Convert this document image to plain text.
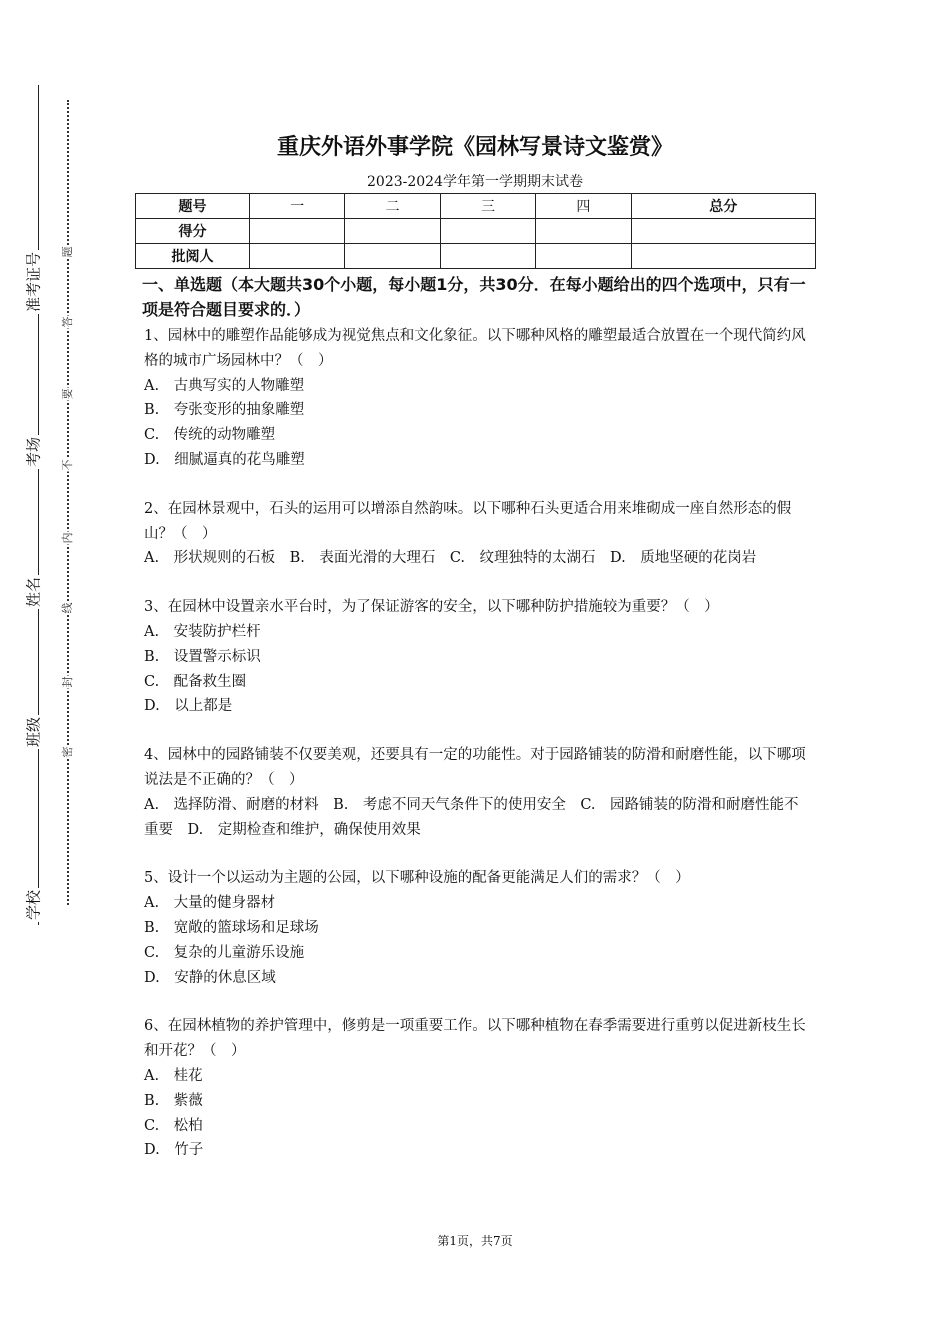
准考证号
考场
姓名
班级
学校
题
答
要
不
内
线
封
密
重庆外语外事学院《园林写景诗文鉴赏》
2023-2024学年第一学期期末试卷
题号	一	二	三	四	总分
得分					
批阅人					
一、单选题（本大题共30个小题，每小题1分，共30分．在每小题给出的四个选项中，只有一项是符合题目要求的．）

1、园林中的雕塑作品能够成为视觉焦点和文化象征。以下哪种风格的雕塑最适合放置在一个现代简约风格的城市广场园林中？（　）

A.　古典写实的人物雕塑

B.　夸张变形的抽象雕塑

C.　传统的动物雕塑

D.　细腻逼真的花鸟雕塑

2、在园林景观中，石头的运用可以增添自然韵味。以下哪种石头更适合用来堆砌成一座自然形态的假山？（　）

A.　形状规则的石板　B.　表面光滑的大理石　C.　纹理独特的太湖石　D.　质地坚硬的花岗岩

3、在园林中设置亲水平台时，为了保证游客的安全，以下哪种防护措施较为重要？（　）

A.　安装防护栏杆

B.　设置警示标识

C.　配备救生圈

D.　以上都是

4、园林中的园路铺装不仅要美观，还要具有一定的功能性。对于园路铺装的防滑和耐磨性能，以下哪项说法是不正确的？（　）

A.　选择防滑、耐磨的材料　B.　考虑不同天气条件下的使用安全　C.　园路铺装的防滑和耐磨性能不重要　D.　定期检查和维护，确保使用效果

5、设计一个以运动为主题的公园，以下哪种设施的配备更能满足人们的需求？（　）

A.　大量的健身器材

B.　宽敞的篮球场和足球场

C.　复杂的儿童游乐设施

D.　安静的休息区域

6、在园林植物的养护管理中，修剪是一项重要工作。以下哪种植物在春季需要进行重剪以促进新枝生长和开花？（　）

A.　桂花

B.　紫薇

C.　松柏

D.　竹子

第1页，共7页
